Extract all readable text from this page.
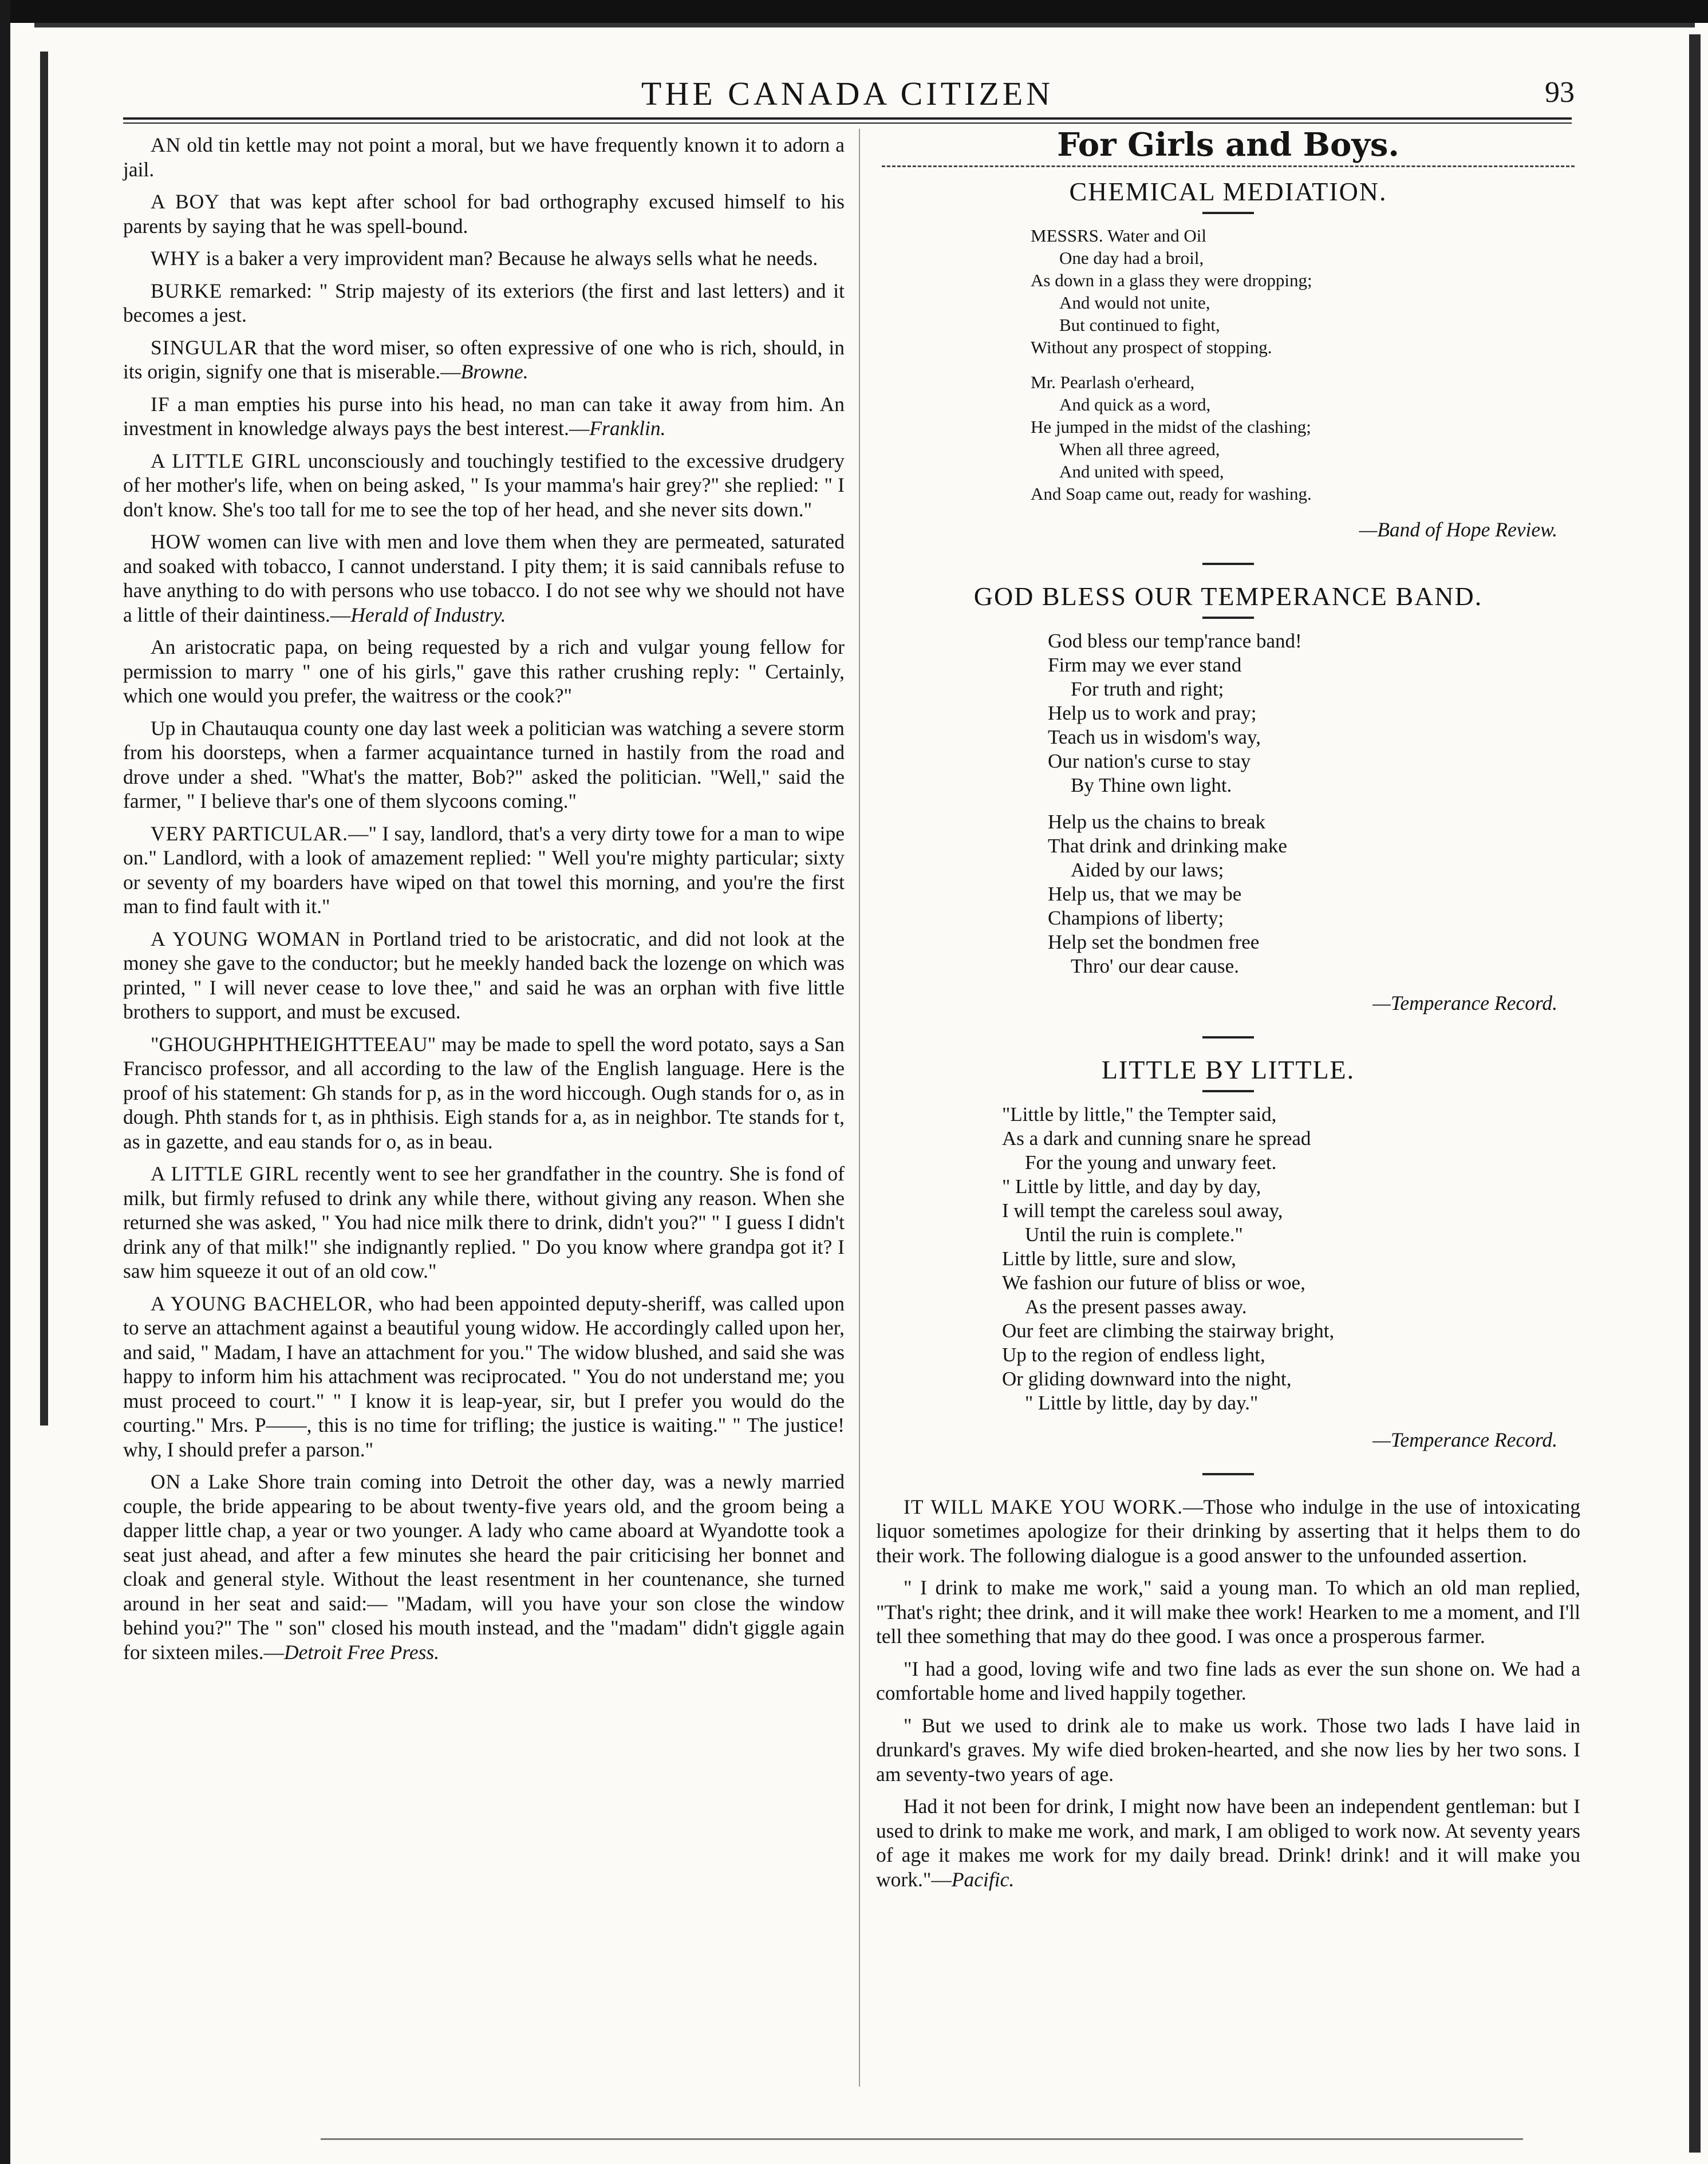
THE CANADA CITIZEN	93

AN old tin kettle may not point a moral, but we have frequently known it to adorn a jail.

A BOY that was kept after school for bad orthography excused himself to his parents by saying that he was spell-bound.

WHY is a baker a very improvident man? Because he always sells what he needs.

BURKE remarked: " Strip majesty of its exteriors (the first and last letters) and it becomes a jest.

SINGULAR that the word miser, so often expressive of one who is rich, should, in its origin, signify one that is miserable.—Browne.

IF a man empties his purse into his head, no man can take it away from him. An investment in knowledge always pays the best interest.—Franklin.

A LITTLE GIRL unconsciously and touchingly testified to the excessive drudgery of her mother's life, when on being asked, " Is your mamma's hair grey?" she replied: " I don't know. She's too tall for me to see the top of her head, and she never sits down."

HOW women can live with men and love them when they are permeated, saturated and soaked with tobacco, I cannot understand. I pity them; it is said cannibals refuse to have anything to do with persons who use tobacco. I do not see why we should not have a little of their daintiness.—Herald of Industry.

An aristocratic papa, on being requested by a rich and vulgar young fellow for permission to marry " one of his girls," gave this rather crushing reply: " Certainly, which one would you prefer, the waitress or the cook?"

Up in Chautauqua county one day last week a politician was watching a severe storm from his doorsteps, when a farmer acquaintance turned in hastily from the road and drove under a shed. "What's the matter, Bob?" asked the politician. "Well," said the farmer, " I believe thar's one of them slycoons coming."

VERY PARTICULAR.—" I say, landlord, that's a very dirty towe for a man to wipe on." Landlord, with a look of amazement replied: " Well you're mighty particular; sixty or seventy of my boarders have wiped on that towel this morning, and you're the first man to find fault with it."

A YOUNG WOMAN in Portland tried to be aristocratic, and did not look at the money she gave to the conductor; but he meekly handed back the lozenge on which was printed, " I will never cease to love thee," and said he was an orphan with five little brothers to support, and must be excused.

"GHOUGHPHTHEIGHTTEEAU" may be made to spell the word potato, says a San Francisco professor, and all according to the law of the English language. Here is the proof of his statement: Gh stands for p, as in the word hiccough. Ough stands for o, as in dough. Phth stands for t, as in phthisis. Eigh stands for a, as in neighbor. Tte stands for t, as in gazette, and eau stands for o, as in beau.

A LITTLE GIRL recently went to see her grandfather in the country. She is fond of milk, but firmly refused to drink any while there, without giving any reason. When she returned she was asked, " You had nice milk there to drink, didn't you?" " I guess I didn't drink any of that milk!" she indignantly replied. " Do you know where grandpa got it? I saw him squeeze it out of an old cow."

A YOUNG BACHELOR, who had been appointed deputy-sheriff, was called upon to serve an attachment against a beautiful young widow. He accordingly called upon her, and said, " Madam, I have an attachment for you." The widow blushed, and said she was happy to inform him his attachment was reciprocated. " You do not understand me; you must proceed to court." " I know it is leap-year, sir, but I prefer you would do the courting." Mrs. P——, this is no time for trifling; the justice is waiting." " The justice! why, I should prefer a parson."

ON a Lake Shore train coming into Detroit the other day, was a newly married couple, the bride appearing to be about twenty-five years old, and the groom being a dapper little chap, a year or two younger. A lady who came aboard at Wyandotte took a seat just ahead, and after a few minutes she heard the pair criticising her bonnet and cloak and general style. Without the least resentment in her countenance, she turned around in her seat and said:— "Madam, will you have your son close the window behind you?" The " son" closed his mouth instead, and the "madam" didn't giggle again for sixteen miles.—Detroit Free Press.

For Girls and Boys.
CHEMICAL MEDIATION.
MESSRS. Water and Oil
One day had a broil,
As down in a glass they were dropping;
And would not unite,
But continued to fight,
Without any prospect of stopping.
Mr. Pearlash o'erheard,
And quick as a word,
He jumped in the midst of the clashing;
When all three agreed,
And united with speed,
And Soap came out, ready for washing.
—Band of Hope Review.
GOD BLESS OUR TEMPERANCE BAND.
God bless our temp'rance band!
Firm may we ever stand
For truth and right;
Help us to work and pray;
Teach us in wisdom's way,
Our nation's curse to stay
By Thine own light.
Help us the chains to break
That drink and drinking make
Aided by our laws;
Help us, that we may be
Champions of liberty;
Help set the bondmen free
Thro' our dear cause.
—Temperance Record.
LITTLE BY LITTLE.
"Little by little," the Tempter said,
As a dark and cunning snare he spread
For the young and unwary feet.
" Little by little, and day by day,
I will tempt the careless soul away,
Until the ruin is complete."
Little by little, sure and slow,
We fashion our future of bliss or woe,
As the present passes away.
Our feet are climbing the stairway bright,
Up to the region of endless light,
Or gliding downward into the night,
" Little by little, day by day."
—Temperance Record.

IT WILL MAKE YOU WORK.—Those who indulge in the use of intoxicating liquor sometimes apologize for their drinking by asserting that it helps them to do their work. The following dialogue is a good answer to the unfounded assertion.

" I drink to make me work," said a young man. To which an old man replied, "That's right; thee drink, and it will make thee work! Hearken to me a moment, and I'll tell thee something that may do thee good. I was once a prosperous farmer.

"I had a good, loving wife and two fine lads as ever the sun shone on. We had a comfortable home and lived happily together.

" But we used to drink ale to make us work. Those two lads I have laid in drunkard's graves. My wife died broken-hearted, and she now lies by her two sons. I am seventy-two years of age.

Had it not been for drink, I might now have been an independent gentleman: but I used to drink to make me work, and mark, I am obliged to work now. At seventy years of age it makes me work for my daily bread. Drink! drink! and it will make you work."—Pacific.
